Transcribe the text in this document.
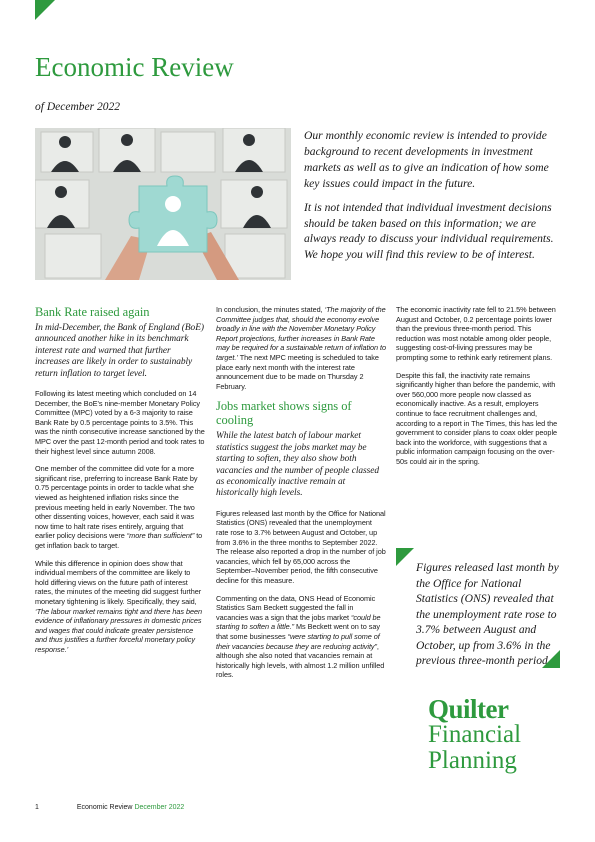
Economic Review

of December 2022

Our monthly economic review is intended to provide background to recent developments in investment markets as well as to give an indication of how some key issues could impact in the future.

It is not intended that individual investment decisions should be taken based on this information; we are always ready to discuss your individual requirements. We hope you will find this review to be of interest.

Bank Rate raised again

In mid-December, the Bank of England (BoE) announced another hike in its benchmark interest rate and warned that further increases are likely in order to sustainably return inflation to target level.

Following its latest meeting which concluded on 14 December, the BoE’s nine-member Monetary Policy Committee (MPC) voted by a 6-3 majority to raise Bank Rate by 0.5 percentage points to 3.5%. This was the ninth consecutive increase sanctioned by the MPC over the past 12-month period and took rates to their highest level since autumn 2008.

One member of the committee did vote for a more significant rise, preferring to increase Bank Rate by 0.75 percentage points in order to tackle what she viewed as heightened inflation risks since the previous meeting held in early November. The two other dissenting voices, however, each said it was now time to halt rate rises entirely, arguing that earlier policy decisions were “more than sufficient” to get inflation back to target.

While this difference in opinion does show that individual members of the committee are likely to hold differing views on the future path of interest rates, the minutes of the meeting did suggest further monetary tightening is likely. Specifically, they said, ‘The labour market remains tight and there has been evidence of inflationary pressures in domestic prices and wages that could indicate greater persistence and thus justifies a further forceful monetary policy response.’

In conclusion, the minutes stated, ‘The majority of the Committee judges that, should the economy evolve broadly in line with the November Monetary Policy Report projections, further increases in Bank Rate may be required for a sustainable return of inflation to target.’ The next MPC meeting is scheduled to take place early next month with the interest rate announcement due to be made on Thursday 2 February.

Jobs market shows signs of cooling

While the latest batch of labour market statistics suggest the jobs market may be starting to soften, they also show both vacancies and the number of people classed as economically inactive remain at historically high levels.

Figures released last month by the Office for National Statistics (ONS) revealed that the unemployment rate rose to 3.7% between August and October, up from 3.6% in the three months to September 2022. The release also reported a drop in the number of job vacancies, which fell by 65,000 across the September–November period, the fifth consecutive decline for this measure.

Commenting on the data, ONS Head of Economic Statistics Sam Beckett suggested the fall in vacancies was a sign that the jobs market “could be starting to soften a little.” Ms Beckett went on to say that some businesses “were starting to pull some of their vacancies because they are reducing activity”, although she also noted that vacancies remain at historically high levels, with almost 1.2 million unfilled roles.

The economic inactivity rate fell to 21.5% between August and October, 0.2 percentage points lower than the previous three-month period. This reduction was most notable among older people, suggesting cost-of-living pressures may be prompting some to rethink early retirement plans.

Despite this fall, the inactivity rate remains significantly higher than before the pandemic, with over 560,000 more people now classed as economically inactive. As a result, employers continue to face recruitment challenges and, according to a report in The Times, this has led the government to consider plans to coax older people back into the workforce, with suggestions that a public information campaign focusing on the over-50s could air in the spring.

Figures released last month by the Office for National Statistics (ONS) revealed that the unemployment rate rose to 3.7% between August and October, up from 3.6% in the previous three-month period.

Quilter
Financial
Planning
1	Economic Review December 2022
